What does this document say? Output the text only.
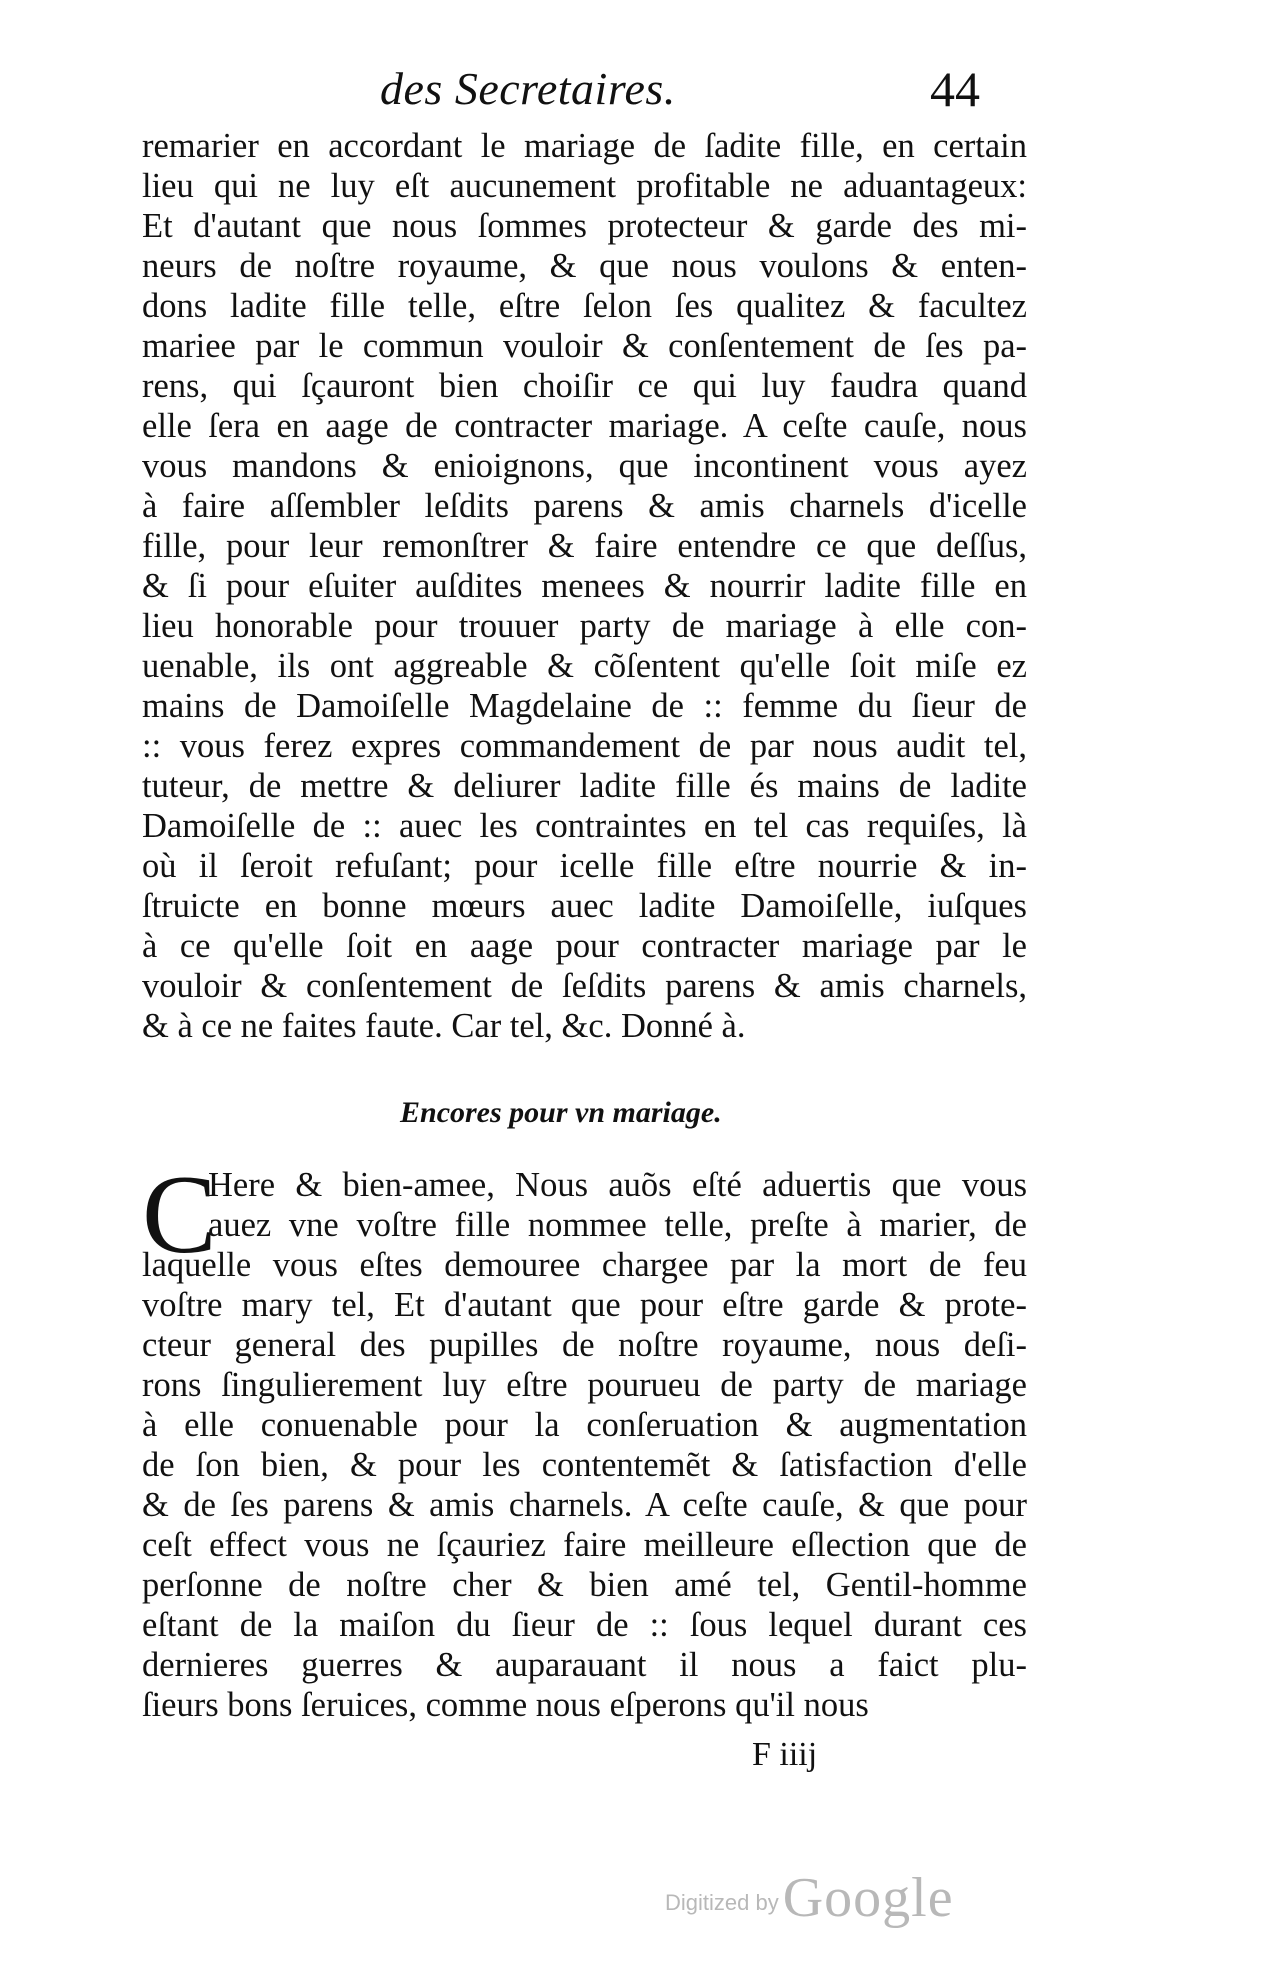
des Secretaires.	44
remarier en accordant le mariage de ſadite fille, en certain
lieu qui ne luy eſt aucunement profitable ne aduantageux:
Et d'autant que nous ſommes protecteur & garde des mi-
neurs de noſtre royaume, & que nous voulons & enten-
dons ladite fille telle, eſtre ſelon ſes qualitez & facultez
mariee par le commun vouloir & conſentement de ſes pa-
rens, qui ſçauront bien choiſir ce qui luy faudra quand
elle ſera en aage de contracter mariage. A ceſte cauſe, nous
vous mandons & enioignons, que incontinent vous ayez
à faire aſſembler leſdits parens & amis charnels d'icelle
fille, pour leur remonſtrer & faire entendre ce que deſſus,
& ſi pour eſuiter auſdites menees & nourrir ladite fille en
lieu honorable pour trouuer party de mariage à elle con-
uenable, ils ont aggreable & cõſentent qu'elle ſoit miſe ez
mains de Damoiſelle Magdelaine de :: femme du ſieur de
:: vous ferez expres commandement de par nous audit tel,
tuteur, de mettre & deliurer ladite fille és mains de ladite
Damoiſelle de :: auec les contraintes en tel cas requiſes, là
où il ſeroit refuſant; pour icelle fille eſtre nourrie & in-
ſtruicte en bonne mœurs auec ladite Damoiſelle, iuſques
à ce qu'elle ſoit en aage pour contracter mariage par le
vouloir & conſentement de ſeſdits parens & amis charnels,
& à ce ne faites faute. Car tel, &c. Donné à.
Encores pour vn mariage.
C
Here & bien-amee, Nous auõs eſté aduertis que vous
auez vne voſtre fille nommee telle, preſte à marier, de
laquelle vous eſtes demouree chargee par la mort de feu
voſtre mary tel, Et d'autant que pour eſtre garde & prote-
cteur general des pupilles de noſtre royaume, nous deſi-
rons ſingulierement luy eſtre pourueu de party de mariage
à elle conuenable pour la conſeruation & augmentation
de ſon bien, & pour les contentemẽt & ſatisfaction d'elle
& de ſes parens & amis charnels. A ceſte cauſe, & que pour
ceſt effect vous ne ſçauriez faire meilleure eſlection que de
perſonne de noſtre cher & bien amé tel, Gentil-homme
eſtant de la maiſon du ſieur de :: ſous lequel durant ces
dernieres guerres & auparauant il nous a faict plu-
ſieurs bons ſeruices, comme nous eſperons qu'il nous
F iiij
Digitized by Google
